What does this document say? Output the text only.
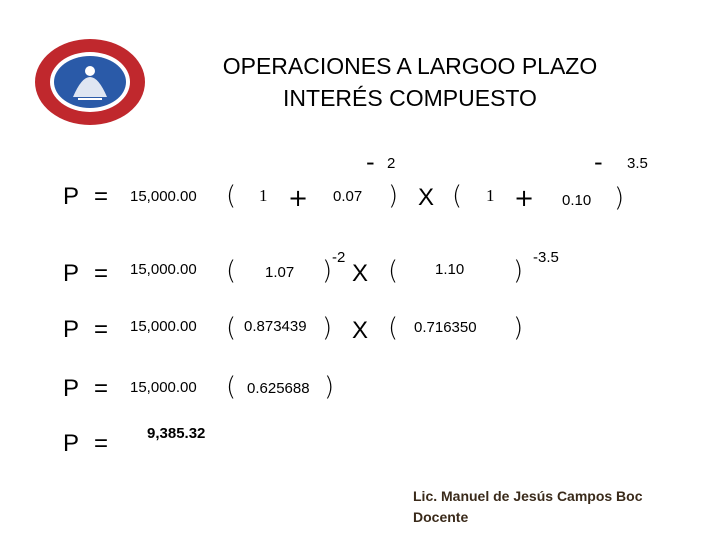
OPERACIONES A LARGOO PLAZO
INTERÉS COMPUESTO
P = 15,000.00 ( 1 + 0.07
- 2
) X ( 1 + 0.10
- 3.5
)
P = 15,000.00 ( 1.07 ) -2
X ( 1.10 ) -3.5
P = 15,000.00 ( 0.873439 ) X ( 0.716350 )
P = 15,000.00 ( 0.625688 )
P =	9,385.32
Lic. Manuel de Jesús Campos Boc
Docente
